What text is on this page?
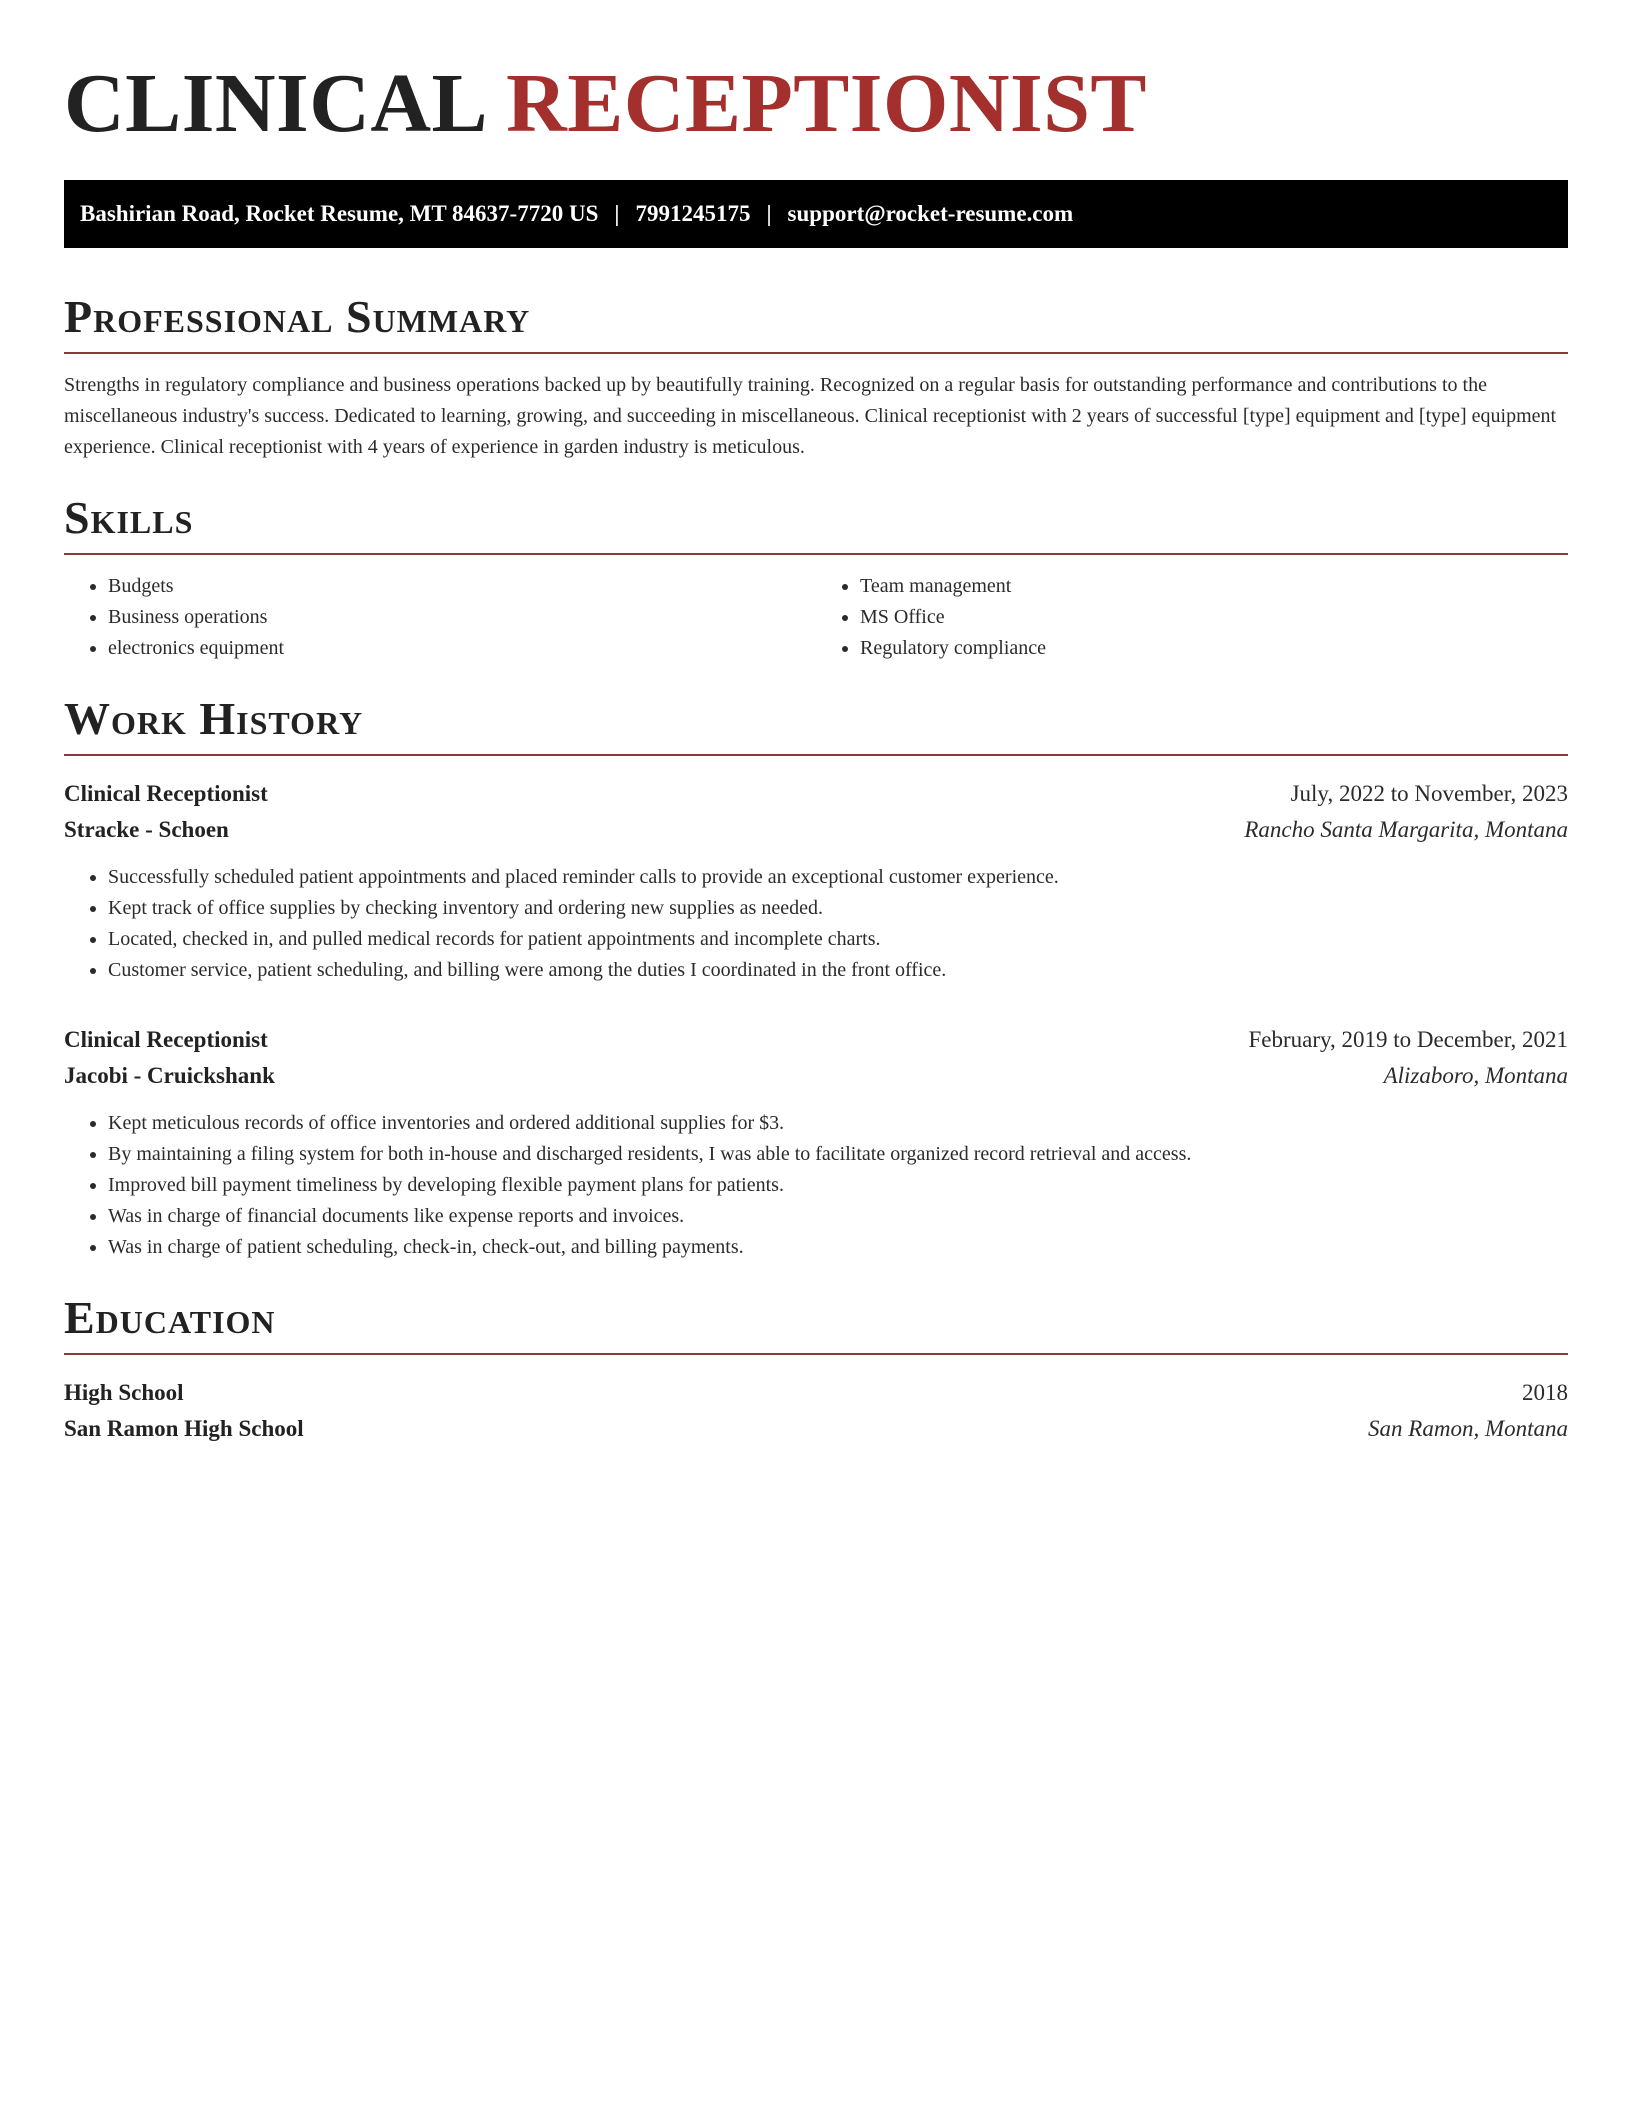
CLINICAL RECEPTIONIST
Bashirian Road, Rocket Resume, MT 84637-7720 US | 7991245175 | support@rocket-resume.com
Professional Summary

Strengths in regulatory compliance and business operations backed up by beautifully training. Recognized on a regular basis for outstanding performance and contributions to the miscellaneous industry's success. Dedicated to learning, growing, and succeeding in miscellaneous. Clinical receptionist with 2 years of successful [type] equipment and [type] equipment experience. Clinical receptionist with 4 years of experience in garden industry is meticulous.

Skills
• Budgets
• Business operations
• electronics equipment
• Team management
• MS Office
• Regulatory compliance
Work History
Clinical Receptionist	July, 2022 to November, 2023
Stracke - Schoen	Rancho Santa Margarita, Montana
• Successfully scheduled patient appointments and placed reminder calls to provide an exceptional customer experience.
• Kept track of office supplies by checking inventory and ordering new supplies as needed.
• Located, checked in, and pulled medical records for patient appointments and incomplete charts.
• Customer service, patient scheduling, and billing were among the duties I coordinated in the front office.
Clinical Receptionist	February, 2019 to December, 2021
Jacobi - Cruickshank	Alizaboro, Montana
• Kept meticulous records of office inventories and ordered additional supplies for $3.
• By maintaining a filing system for both in-house and discharged residents, I was able to facilitate organized record retrieval and access.
• Improved bill payment timeliness by developing flexible payment plans for patients.
• Was in charge of financial documents like expense reports and invoices.
• Was in charge of patient scheduling, check-in, check-out, and billing payments.
Education
High School	2018
San Ramon High School	San Ramon, Montana
